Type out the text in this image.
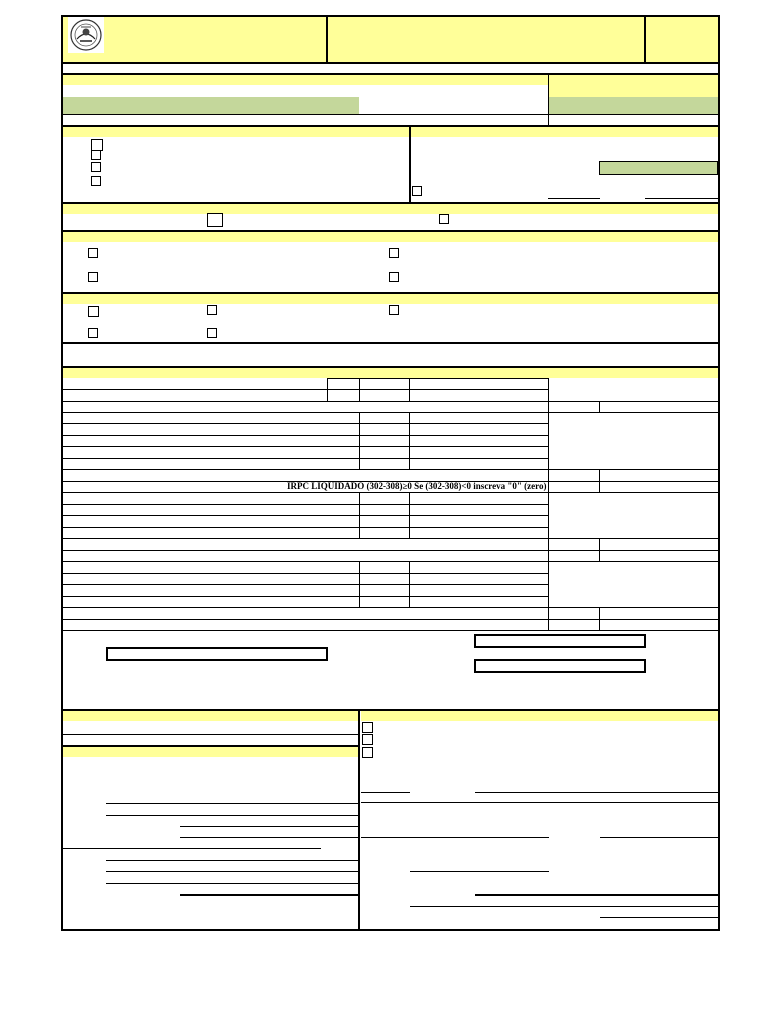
IRPC LIQUIDADO (302-308)≥0 Se (302-308)<0 inscreva "0" (zero)
